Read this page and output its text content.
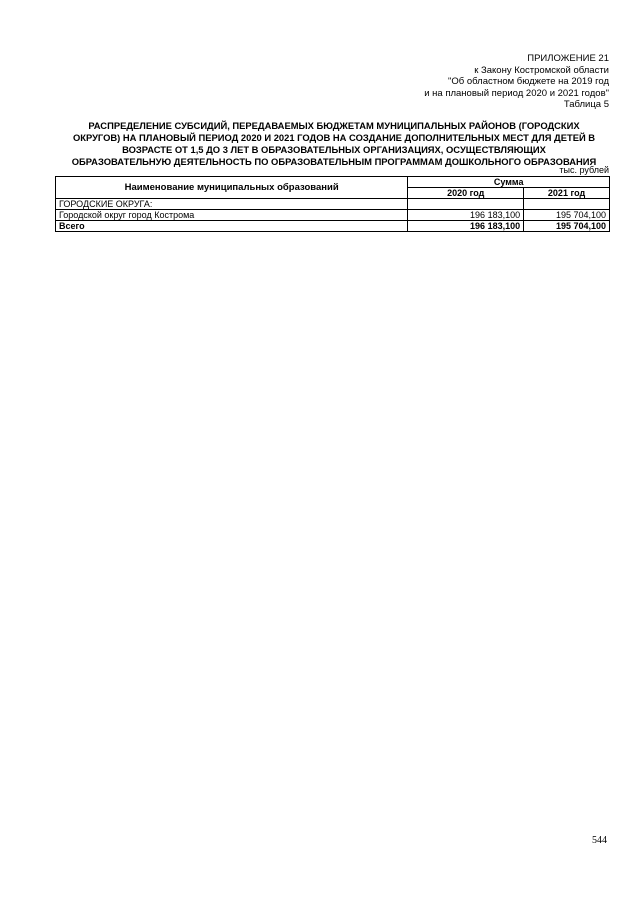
ПРИЛОЖЕНИЕ 21
к Закону Костромской области
"Об областном бюджете на 2019 год
и на плановый период 2020 и 2021 годов"
Таблица 5
РАСПРЕДЕЛЕНИЕ СУБСИДИЙ, ПЕРЕДАВАЕМЫХ БЮДЖЕТАМ МУНИЦИПАЛЬНЫХ РАЙОНОВ (ГОРОДСКИХ
ОКРУГОВ) НА ПЛАНОВЫЙ ПЕРИОД 2020 И 2021 ГОДОВ НА СОЗДАНИЕ ДОПОЛНИТЕЛЬНЫХ МЕСТ ДЛЯ ДЕТЕЙ В
ВОЗРАСТЕ ОТ 1,5 ДО 3 ЛЕТ В ОБРАЗОВАТЕЛЬНЫХ ОРГАНИЗАЦИЯХ, ОСУЩЕСТВЛЯЮЩИХ
ОБРАЗОВАТЕЛЬНУЮ ДЕЯТЕЛЬНОСТЬ ПО ОБРАЗОВАТЕЛЬНЫМ ПРОГРАММАМ ДОШКОЛЬНОГО ОБРАЗОВАНИЯ
тыс. рублей
Наименование муниципальных образований	Сумма	
	2020 год	2021 год
ГОРОДСКИЕ ОКРУГА:		
Городской округ город Кострома	196 183,100	195 704,100
Всего	196 183,100	195 704,100
544
